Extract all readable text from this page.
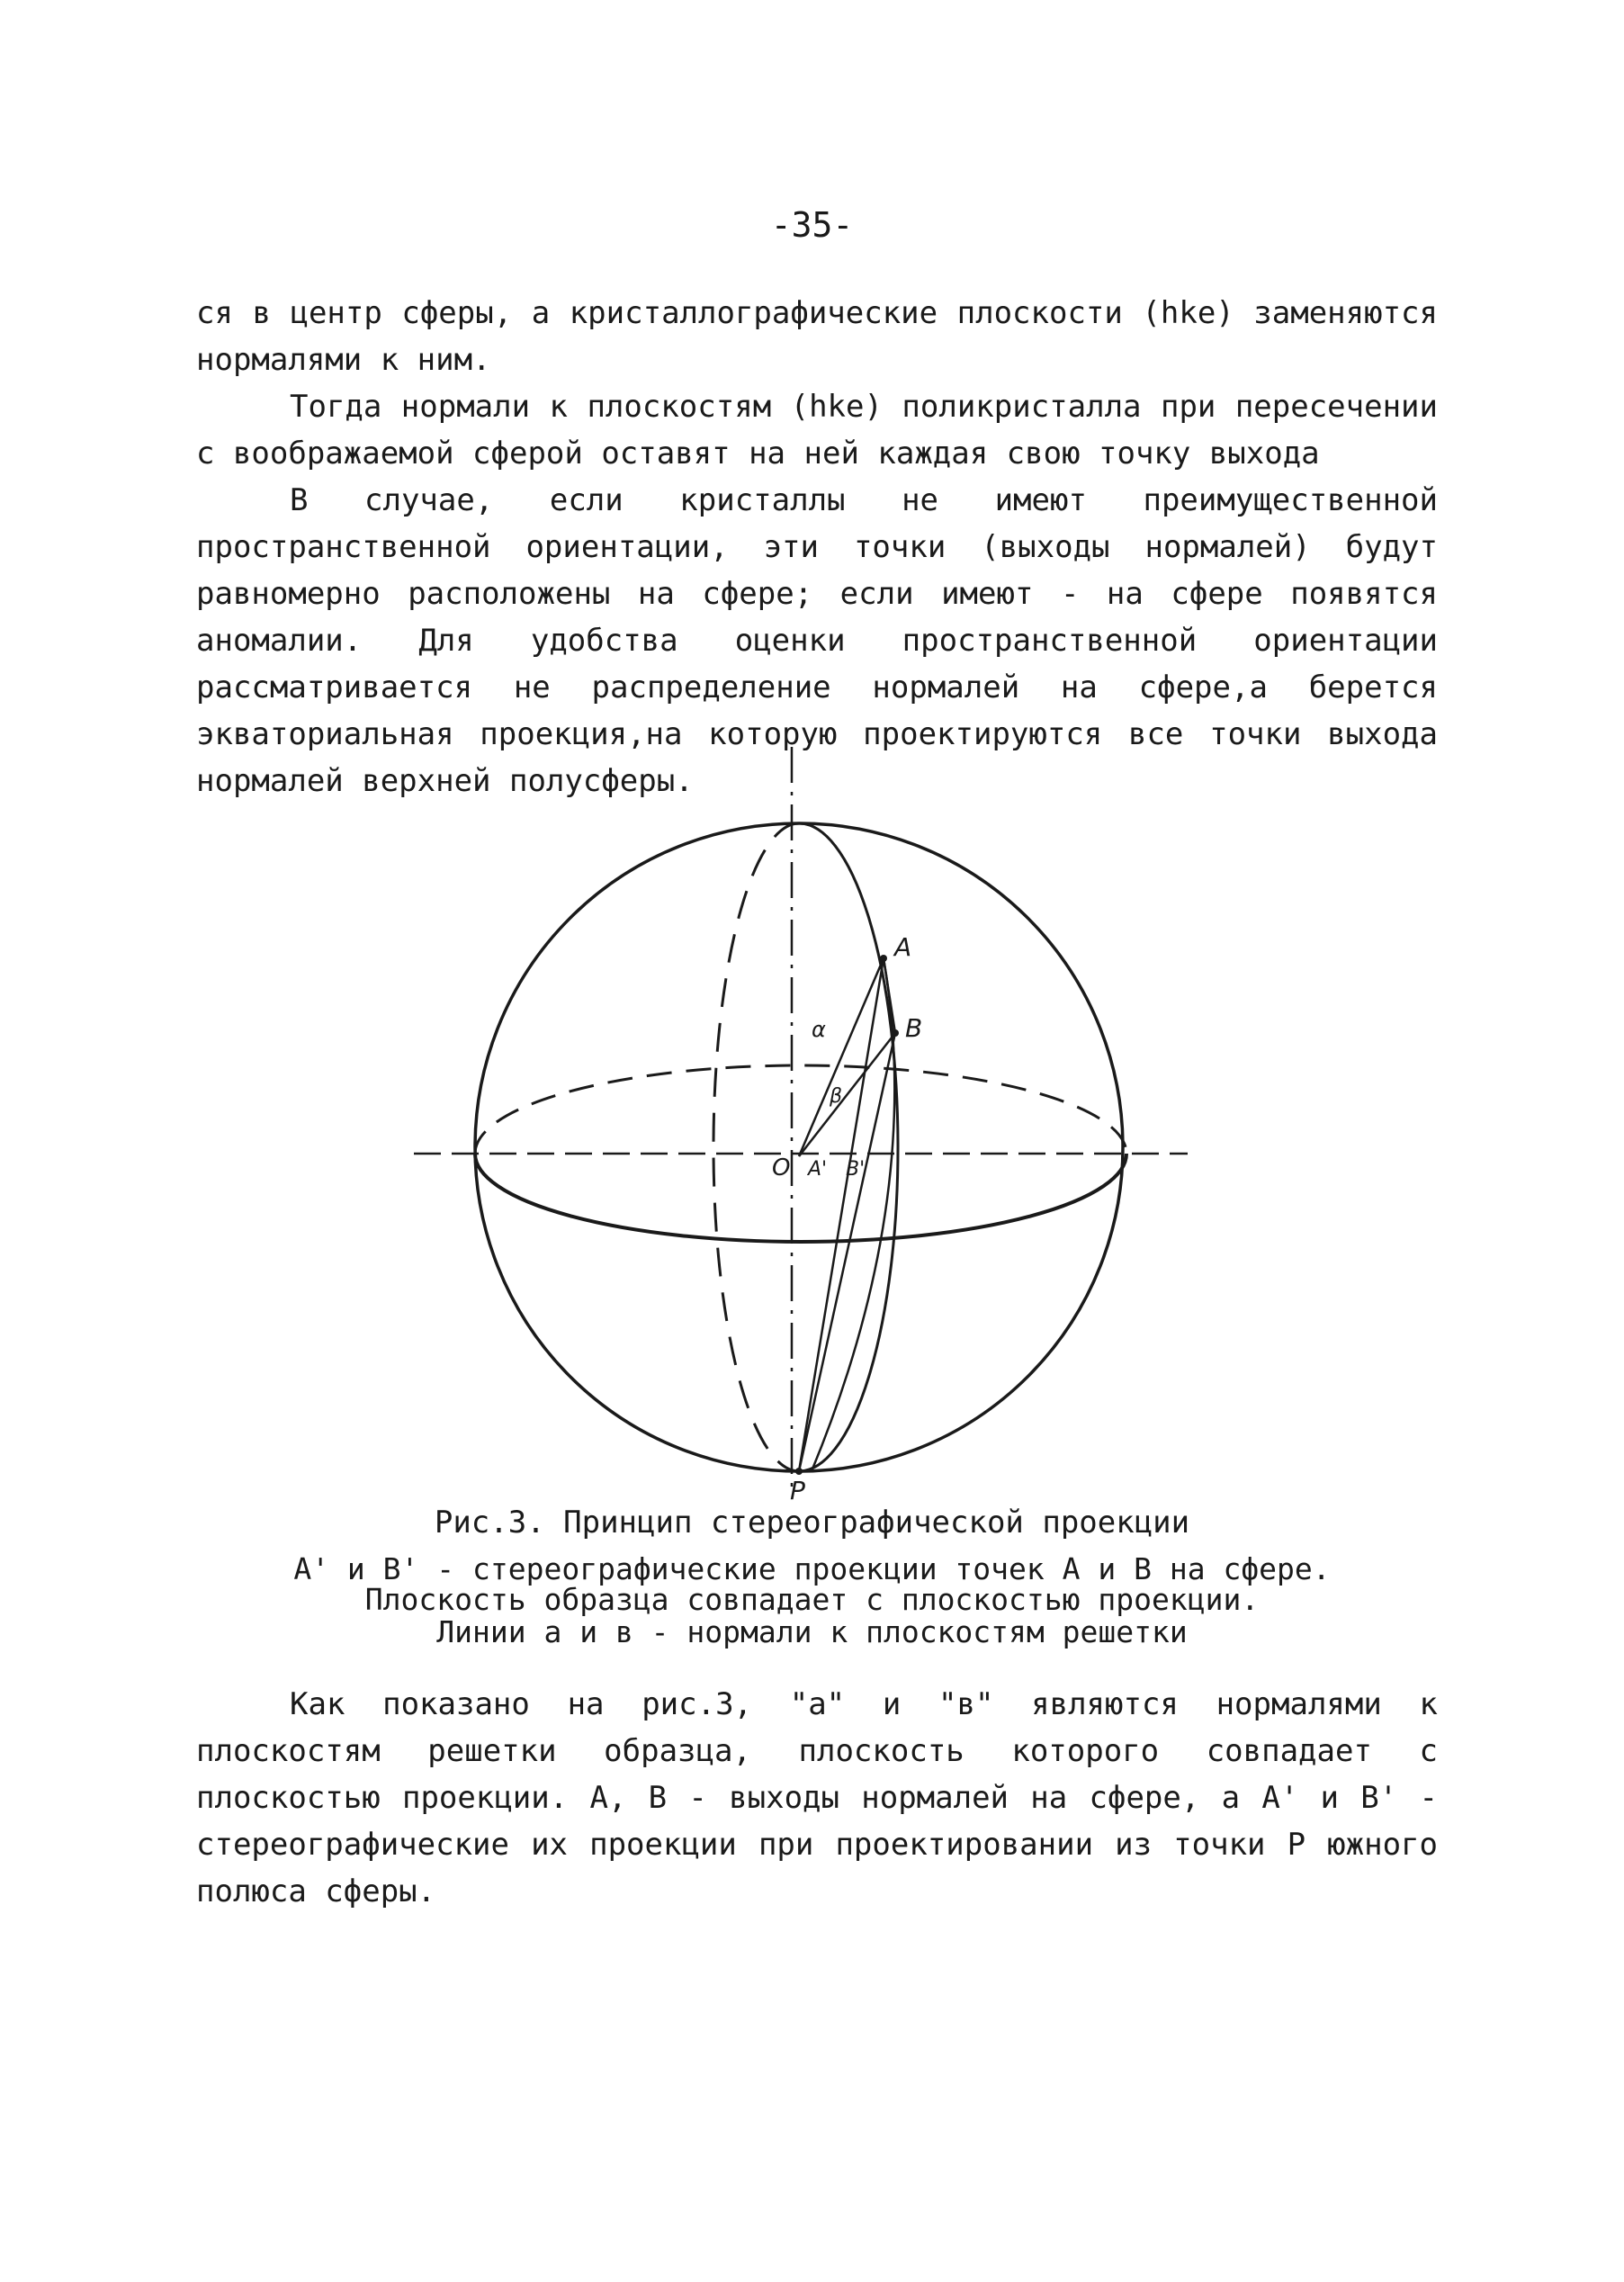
-35-

ся в центр сферы, а кристаллографические плоскости (hke) заменяются нормалями к ним.

Тогда нормали к плоскостям (hke) поликристалла при пересечении с воображаемой сферой оставят на ней каждая свою точку выхода

В случае, если кристаллы не имеют преимущественной пространственной ориентации, эти точки (выходы нормалей) будут равномерно расположены на сфере; если имеют - на сфере появятся аномалии. Для удобства оценки пространственной ориентации рассматривается не распределение нормалей на сфере,а берется экваториальная проекция,на которую проектируются все точки выхода нормалей верхней полусферы.

A
B
α
β
O A' B'
P
Рис.3. Принцип стереографической проекции
A' и B' - стереографические проекции точек A и B на сфере.
Плоскость образца совпадает с плоскостью проекции.
Линии a и в - нормали к плоскостям решетки

Как показано на рис.3, "а" и "в" являются нормалями к плоскостям решетки образца, плоскость которого совпадает с плоскостью проекции. A, B - выходы нормалей на сфере, а A' и B' - стереографические их проекции при проектировании из точки P южного полюса сферы.
